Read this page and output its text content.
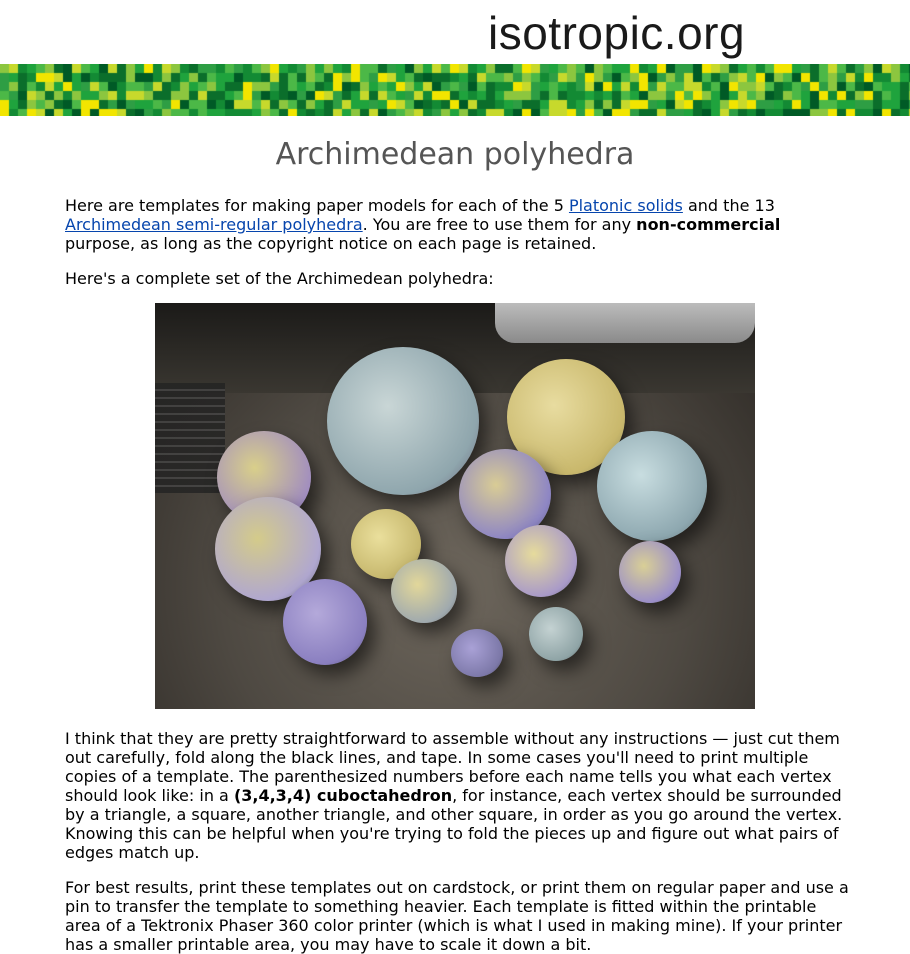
isotropic.org
Archimedean polyhedra

Here are templates for making paper models for each of the 5 Platonic solids and the 13 Archimedean semi-regular polyhedra. You are free to use them for any non-commercial purpose, as long as the copyright notice on each page is retained.

Here's a complete set of the Archimedean polyhedra:

I think that they are pretty straightforward to assemble without any instructions — just cut them out carefully, fold along the black lines, and tape. In some cases you'll need to print multiple copies of a template. The parenthesized numbers before each name tells you what each vertex should look like: in a (3,4,3,4) cuboctahedron, for instance, each vertex should be surrounded by a triangle, a square, another triangle, and other square, in order as you go around the vertex. Knowing this can be helpful when you're trying to fold the pieces up and figure out what pairs of edges match up.

For best results, print these templates out on cardstock, or print them on regular paper and use a pin to transfer the template to something heavier. Each template is fitted within the printable area of a Tektronix Phaser 360 color printer (which is what I used in making mine). If your printer has a smaller printable area, you may have to scale it down a bit.
